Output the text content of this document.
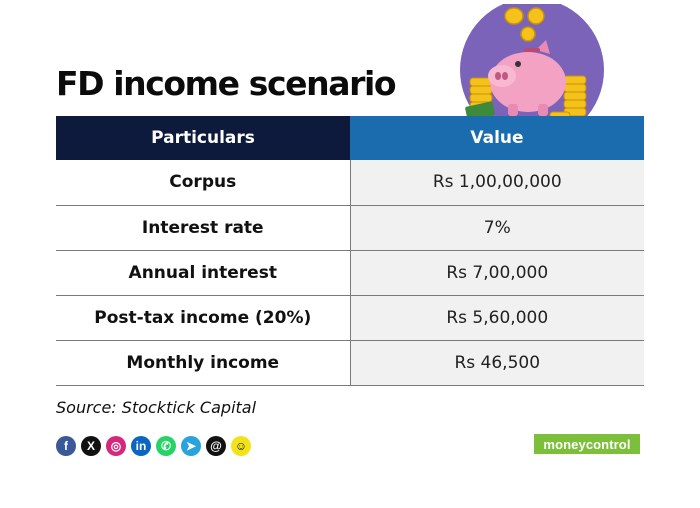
FD income scenario
Particulars	Value
Corpus	Rs 1,00,00,000
Interest rate	7%
Annual interest	Rs 7,00,000
Post-tax income (20%)	Rs 5,60,000
Monthly income	Rs 46,500
Source: Stocktick Capital
f	X	◎	in	✆	➤	@	☺	money control
